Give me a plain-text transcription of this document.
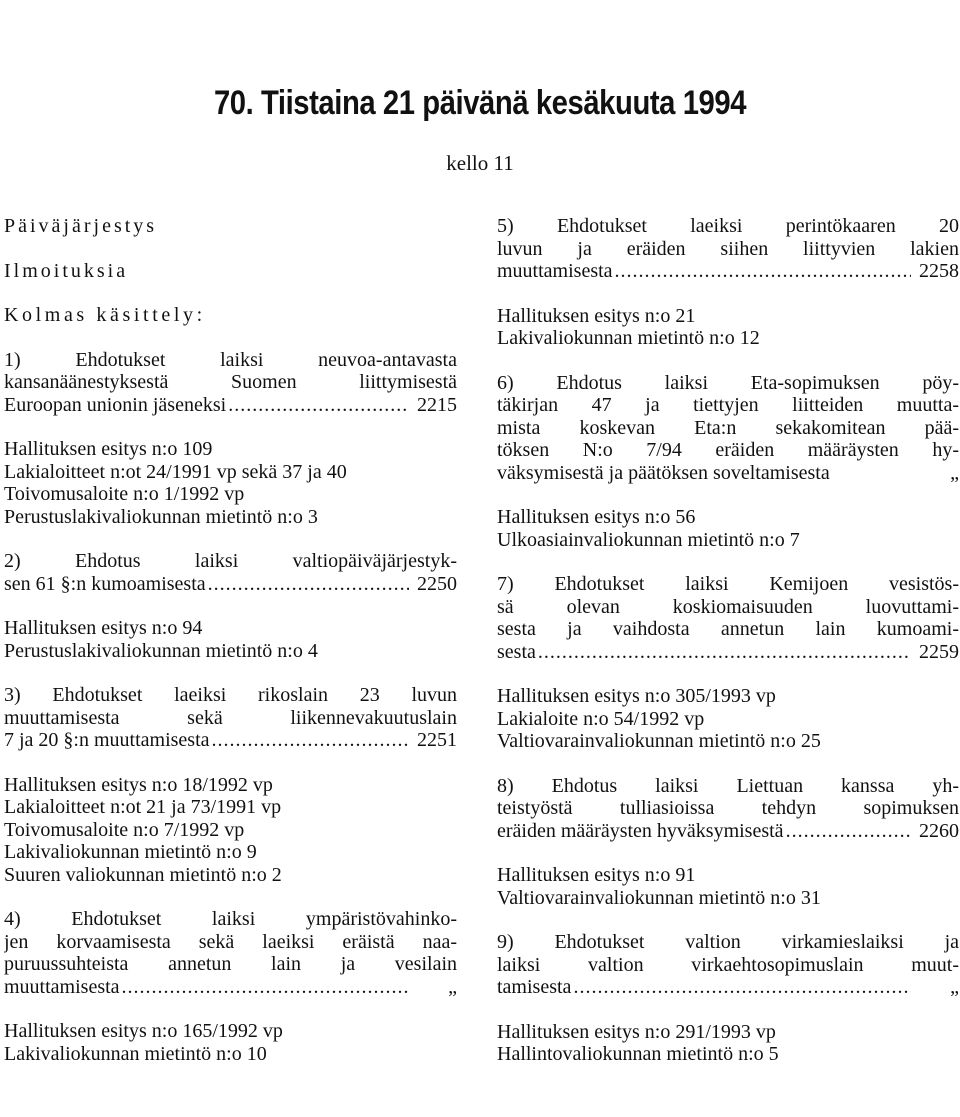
70. Tiistaina 21 päivänä kesäkuuta 1994
kello 11
Päiväjärjestys
Ilmoituksia
Kolmas käsittely:
1) Ehdotukset laiksi neuvoa-antavasta
kansanäänestyksestä Suomen liittymisestä
Euroopan unionin jäseneksi .....	2215
Hallituksen esitys n:o 109
Lakialoitteet n:ot 24/1991 vp sekä 37 ja 40
Toivomusaloite n:o 1/1992 vp
Perustuslakivaliokunnan mietintö n:o 3
2) Ehdotus laiksi valtiopäiväjärjestyk-
sen 61 §:n kumoamisesta .....	2250
Hallituksen esitys n:o 94
Perustuslakivaliokunnan mietintö n:o 4
3) Ehdotukset laeiksi rikoslain 23 luvun
muuttamisesta sekä liikennevakuutuslain
7 ja 20 §:n muuttamisesta .....	2251
Hallituksen esitys n:o 18/1992 vp
Lakialoitteet n:ot 21 ja 73/1991 vp
Toivomusaloite n:o 7/1992 vp
Lakivaliokunnan mietintö n:o 9
Suuren valiokunnan mietintö n:o 2
4) Ehdotukset laiksi ympäristövahinko-
jen korvaamisesta sekä laeiksi eräistä naa-
puruussuhteista annetun lain ja vesilain
muuttamisesta .....	„
Hallituksen esitys n:o 165/1992 vp
Lakivaliokunnan mietintö n:o 10
5) Ehdotukset laeiksi perintökaaren 20
luvun ja eräiden siihen liittyvien lakien
muuttamisesta .....	2258
Hallituksen esitys n:o 21
Lakivaliokunnan mietintö n:o 12
6) Ehdotus laiksi Eta-sopimuksen pöy-
täkirjan 47 ja tiettyjen liitteiden muutta-
mista koskevan Eta:n sekakomitean pää-
töksen N:o 7/94 eräiden määräysten hy-
väksymisestä ja päätöksen soveltamisesta	„
Hallituksen esitys n:o 56
Ulkoasiainvaliokunnan mietintö n:o 7
7) Ehdotukset laiksi Kemijoen vesistös-
sä olevan koskiomaisuuden luovuttami-
sesta ja vaihdosta annetun lain kumoami-
sesta .....	2259
Hallituksen esitys n:o 305/1993 vp
Lakialoite n:o 54/1992 vp
Valtiovarainvaliokunnan mietintö n:o 25
8) Ehdotus laiksi Liettuan kanssa yh-
teistyöstä tulliasioissa tehdyn sopimuksen
eräiden määräysten hyväksymisestä .....	2260
Hallituksen esitys n:o 91
Valtiovarainvaliokunnan mietintö n:o 31
9) Ehdotukset valtion virkamieslaiksi ja
laiksi valtion virkaehtosopimuslain muut-
tamisesta .....	„
Hallituksen esitys n:o 291/1993 vp
Hallintovaliokunnan mietintö n:o 5
